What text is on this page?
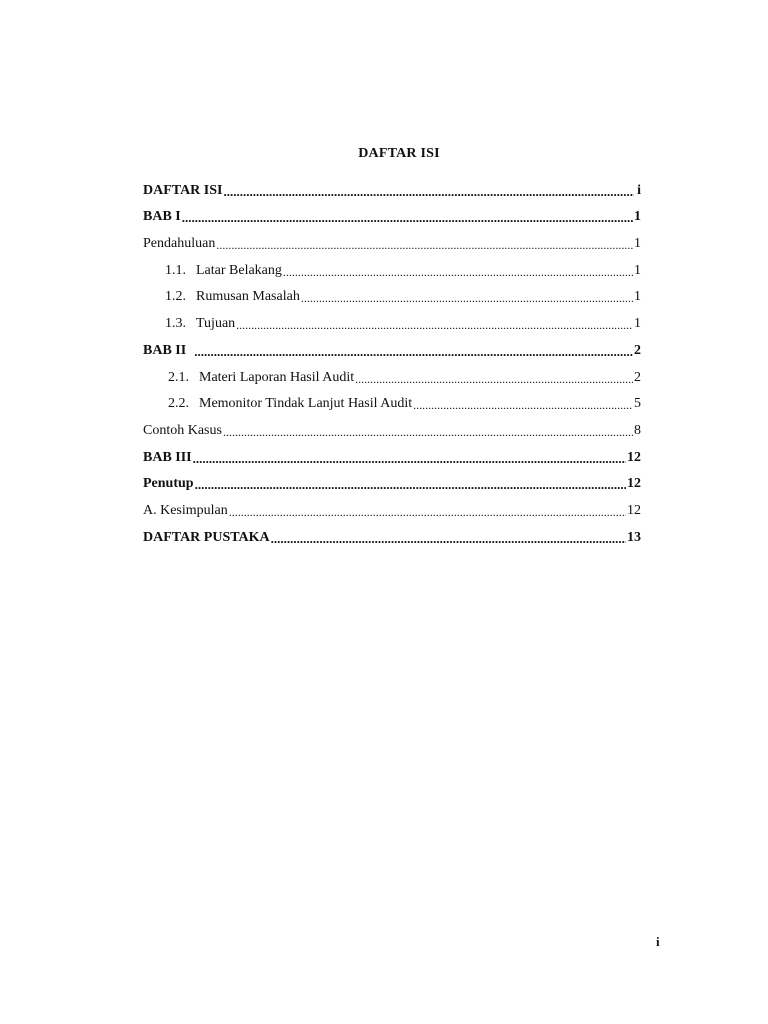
DAFTAR ISI
DAFTAR ISI .....	i
BAB I .....	1
Pendahuluan .....	1
1.1. Latar Belakang .....	1
1.2. Rumusan Masalah .....	1
1.3. Tujuan .....	1
BAB II .....	2
2.1. Materi Laporan Hasil Audit .....	2
2.2. Memonitor Tindak Lanjut Hasil Audit .....	5
Contoh Kasus .....	8
BAB III .....	12
Penutup .....	12
A. Kesimpulan .....	12
DAFTAR PUSTAKA .....	13
i
